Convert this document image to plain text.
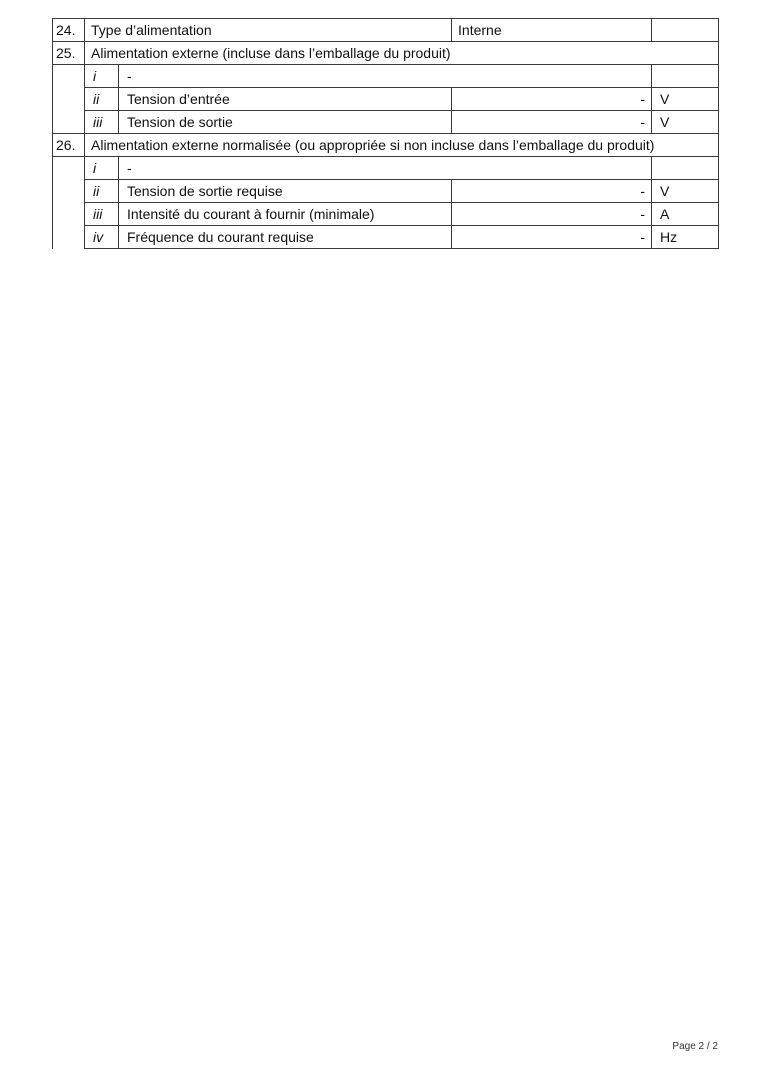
24.	Type d’alimentation		Interne	
25.	Alimentation externe (incluse dans l’emballage du produit)			
	i	-		
	ii	Tension d’entrée	-	V
	iii	Tension de sortie	-	V
26.	Alimentation externe normalisée (ou appropriée si non incluse dans l’emballage du produit)			
	i	-		
	ii	Tension de sortie requise	-	V
	iii	Intensité du courant à fournir (minimale)	-	A
	iv	Fréquence du courant requise	-	Hz
Page 2 / 2
